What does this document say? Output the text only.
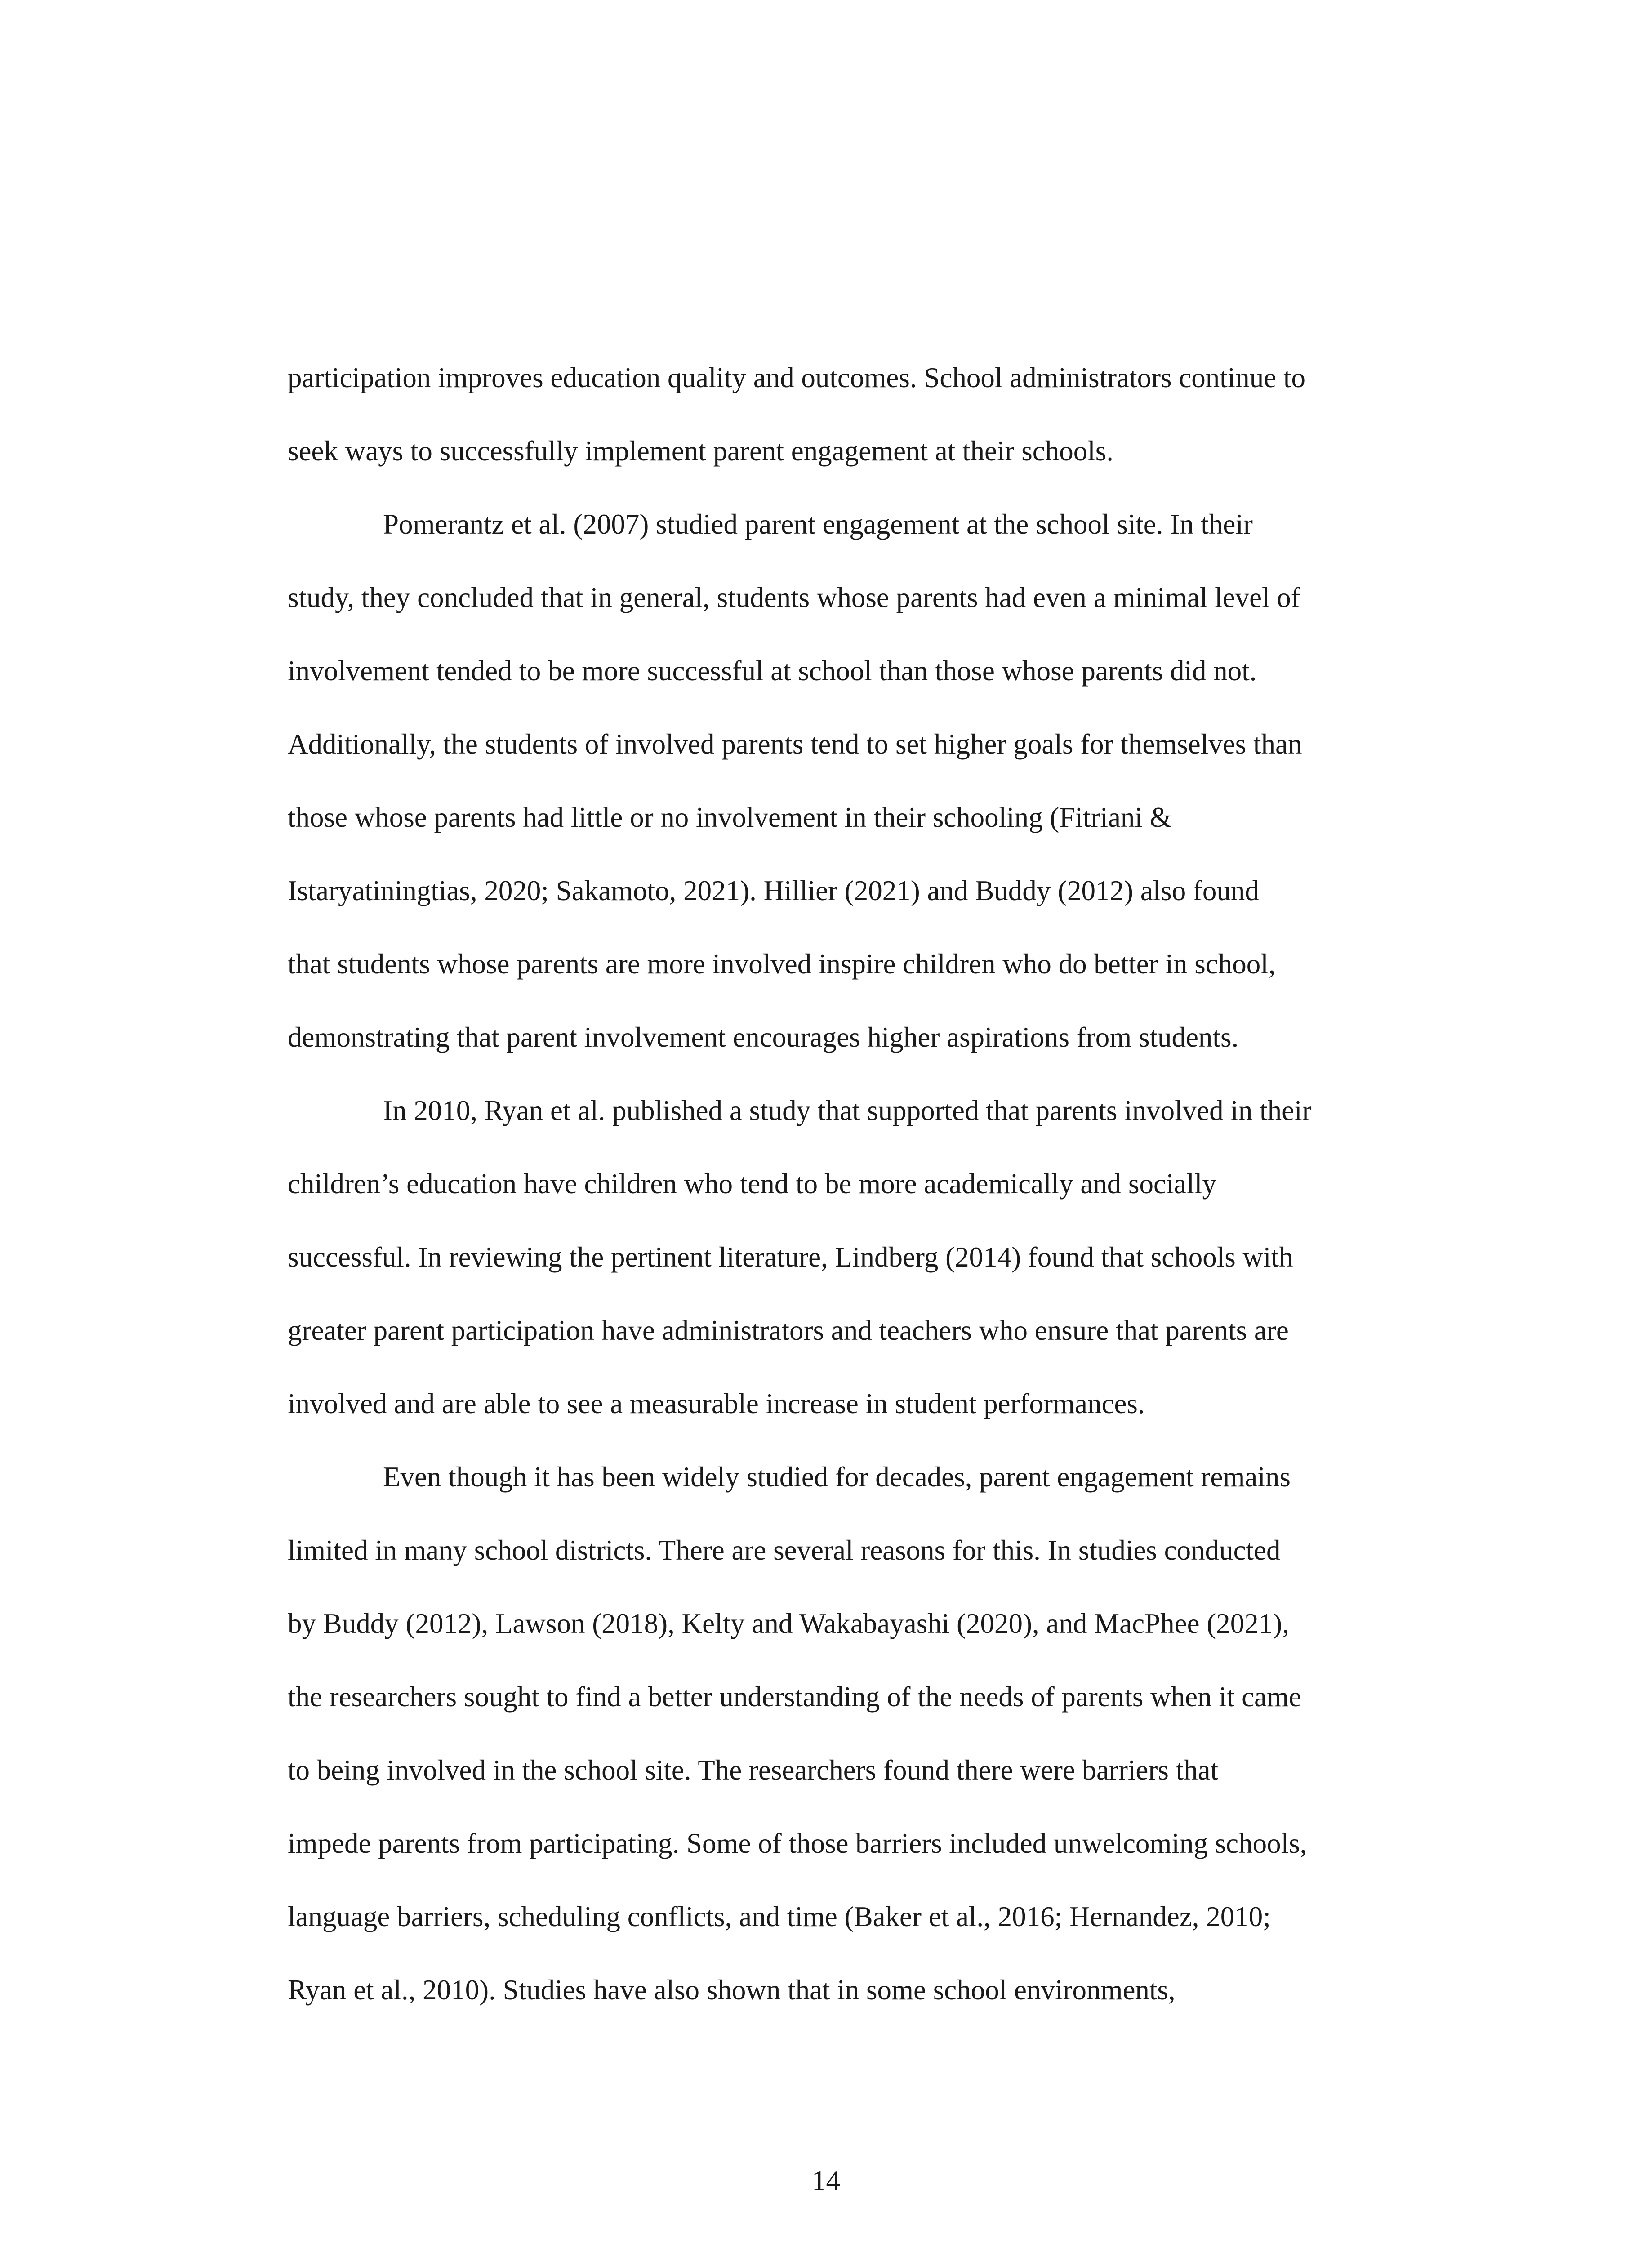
participation improves education quality and outcomes. School administrators continue to
seek ways to successfully implement parent engagement at their schools.
Pomerantz et al. (2007) studied parent engagement at the school site. In their
study, they concluded that in general, students whose parents had even a minimal level of
involvement tended to be more successful at school than those whose parents did not.
Additionally, the students of involved parents tend to set higher goals for themselves than
those whose parents had little or no involvement in their schooling (Fitriani &
Istaryatiningtias, 2020; Sakamoto, 2021). Hillier (2021) and Buddy (2012) also found
that students whose parents are more involved inspire children who do better in school,
demonstrating that parent involvement encourages higher aspirations from students.
In 2010, Ryan et al. published a study that supported that parents involved in their
children’s education have children who tend to be more academically and socially
successful. In reviewing the pertinent literature, Lindberg (2014) found that schools with
greater parent participation have administrators and teachers who ensure that parents are
involved and are able to see a measurable increase in student performances.
Even though it has been widely studied for decades, parent engagement remains
limited in many school districts. There are several reasons for this. In studies conducted
by Buddy (2012), Lawson (2018), Kelty and Wakabayashi (2020), and MacPhee (2021),
the researchers sought to find a better understanding of the needs of parents when it came
to being involved in the school site. The researchers found there were barriers that
impede parents from participating. Some of those barriers included unwelcoming schools,
language barriers, scheduling conflicts, and time (Baker et al., 2016; Hernandez, 2010;
Ryan et al., 2010). Studies have also shown that in some school environments,
14
